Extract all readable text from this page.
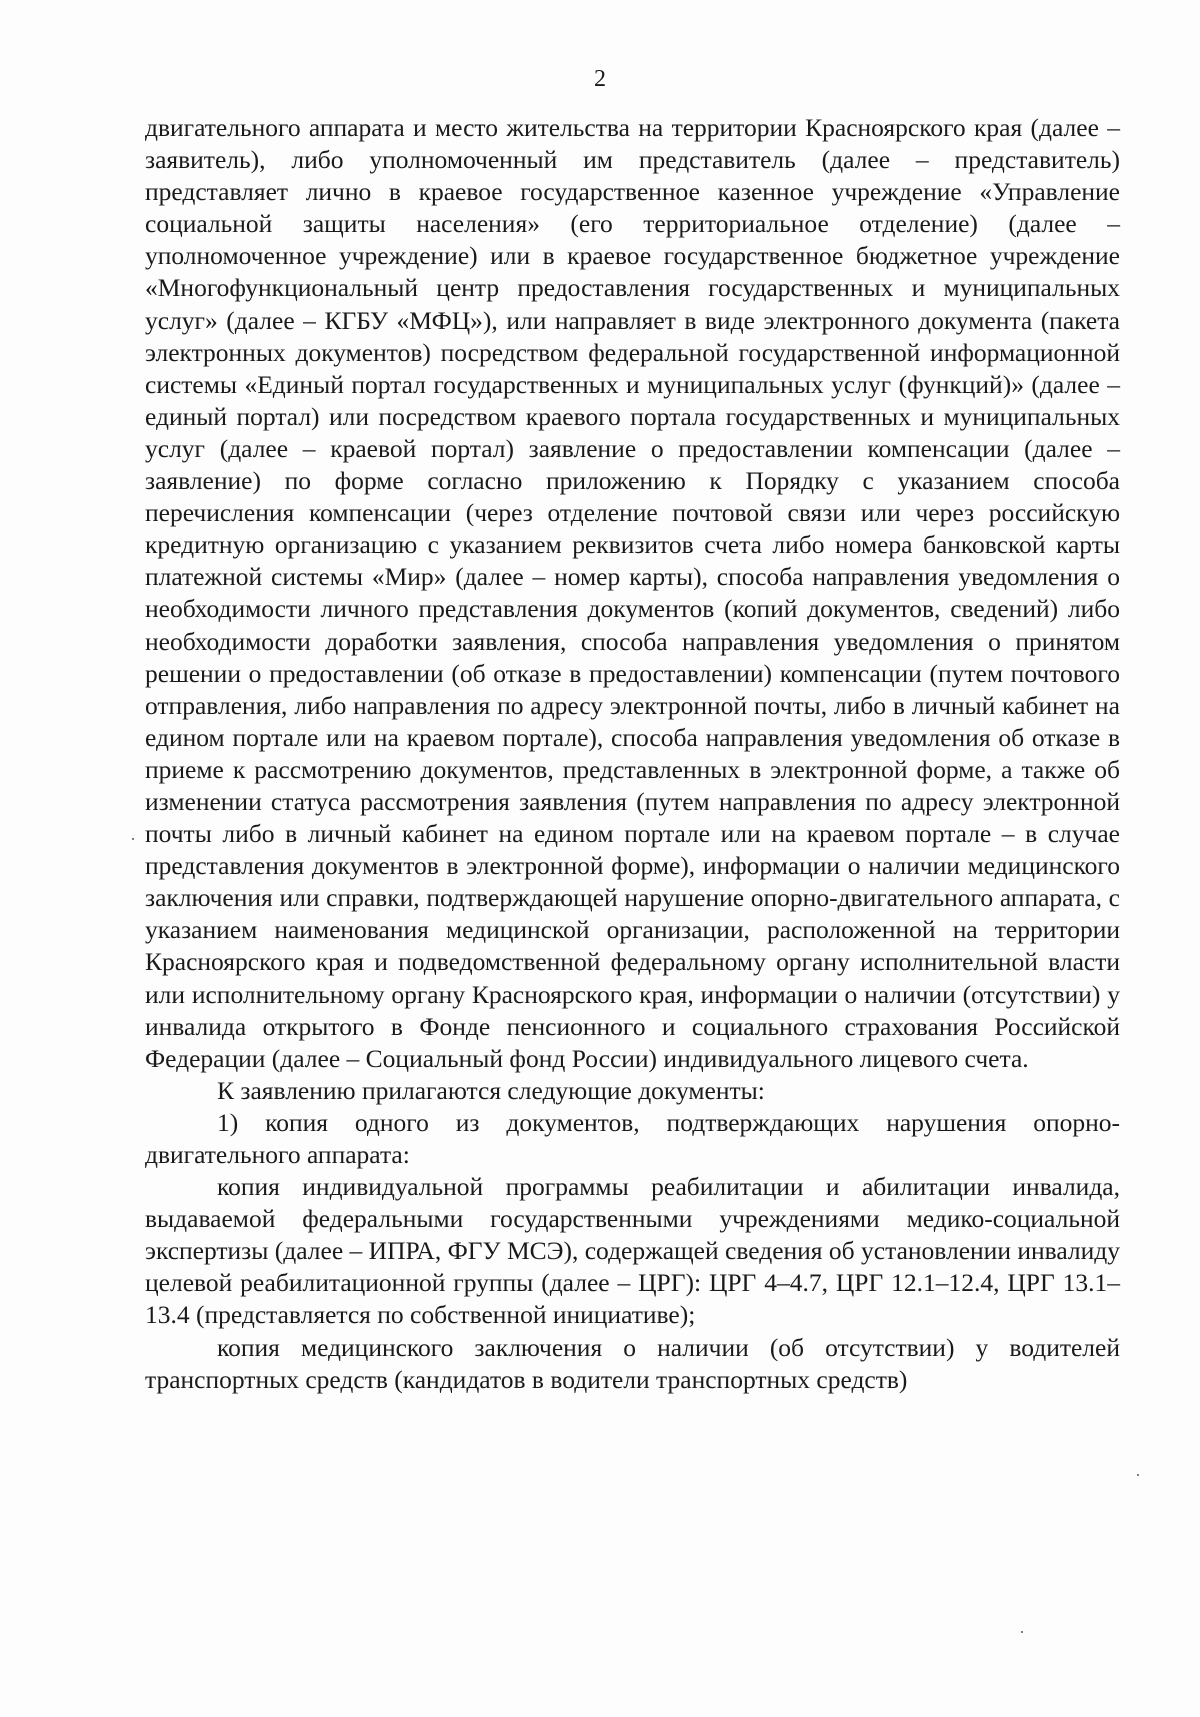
2

двигательного аппарата и место жительства на территории Красноярского края (далее – заявитель), либо уполномоченный им представитель (далее – представитель) представляет лично в краевое государственное казенное учреждение «Управление социальной защиты населения» (его территориальное отделение) (далее – уполномоченное учреждение) или в краевое государственное бюджетное учреждение «Многофункциональный центр предоставления государственных и муниципальных услуг» (далее – КГБУ «МФЦ»), или направляет в виде электронного документа (пакета электронных документов) посредством федеральной государственной информационной системы «Единый портал государственных и муниципальных услуг (функций)» (далее – единый портал) или посредством краевого портала государственных и муниципальных услуг (далее – краевой портал) заявление о предоставлении компенсации (далее – заявление) по форме согласно приложению к Порядку с указанием способа перечисления компенсации (через отделение почтовой связи или через российскую кредитную организацию с указанием реквизитов счета либо номера банковской карты платежной системы «Мир» (далее – номер карты), способа направления уведомления о необходимости личного представления документов (копий документов, сведений) либо необходимости доработки заявления, способа направления уведомления о принятом решении о предоставлении (об отказе в предоставлении) компенсации (путем почтового отправления, либо направления по адресу электронной почты, либо в личный кабинет на едином портале или на краевом портале), способа направления уведомления об отказе в приеме к рассмотрению документов, представленных в электронной форме, а также об изменении статуса рассмотрения заявления (путем направления по адресу электронной почты либо в личный кабинет на едином портале или на краевом портале – в случае представления документов в электронной форме), информации о наличии медицинского заключения или справки, подтверждающей нарушение опорно-двигательного аппарата, с указанием наименования медицинской организации, расположенной на территории Красноярского края и подведомственной федеральному органу исполнительной власти или исполнительному органу Красноярского края, информации о наличии (отсутствии) у инвалида открытого в Фонде пенсионного и социального страхования Российской Федерации (далее – Социальный фонд России) индивидуального лицевого счета.

К заявлению прилагаются следующие документы:

1) копия одного из документов, подтверждающих нарушения опорно-двигательного аппарата:

копия индивидуальной программы реабилитации и абилитации инвалида, выдаваемой федеральными государственными учреждениями медико-социальной экспертизы (далее – ИПРА, ФГУ МСЭ), содержащей сведения об установлении инвалиду целевой реабилитационной группы (далее – ЦРГ): ЦРГ 4–4.7, ЦРГ 12.1–12.4, ЦРГ 13.1–13.4 (представляется по собственной инициативе);

копия медицинского заключения о наличии (об отсутствии) у водителей транспортных средств (кандидатов в водители транспортных средств)
